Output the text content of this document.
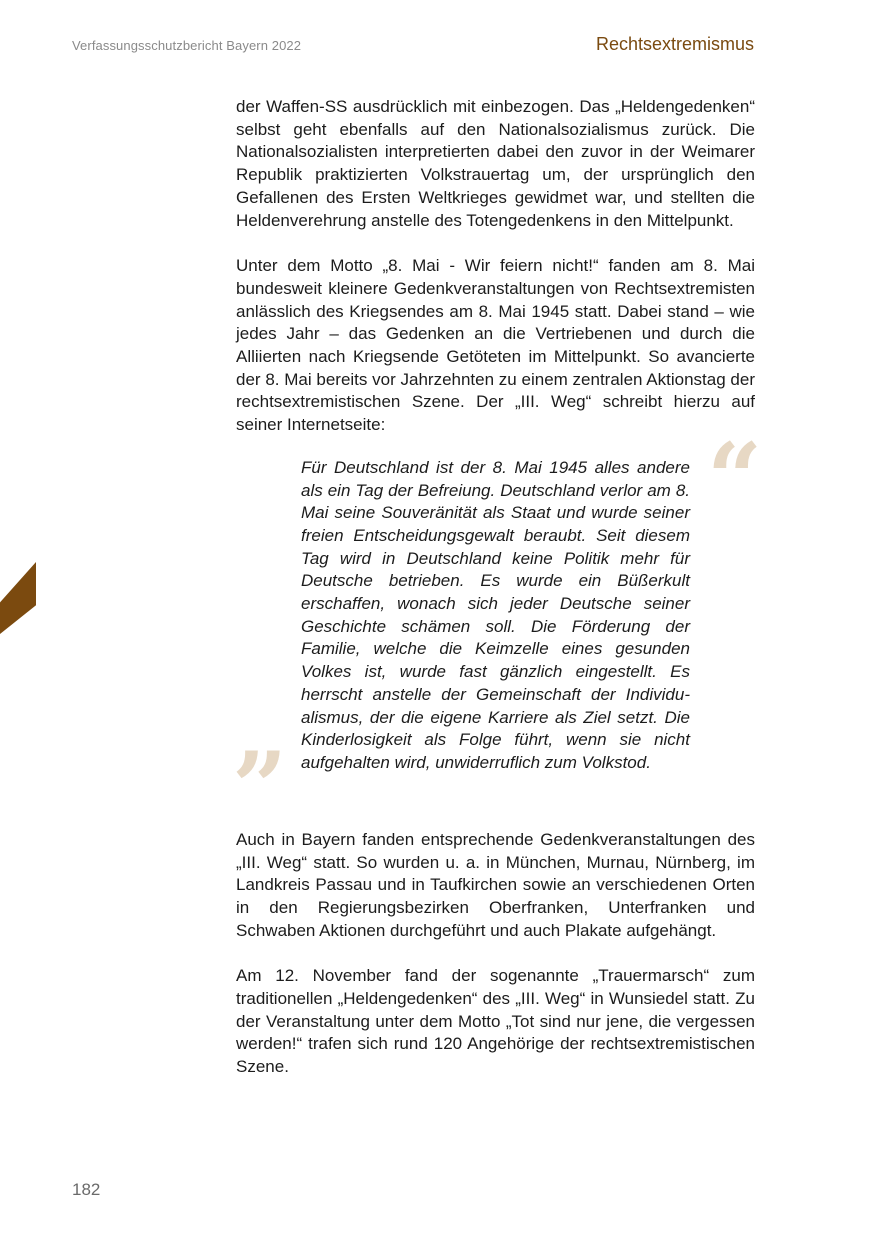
Verfassungsschutzbericht Bayern 2022	Rechtsextremismus

der Waffen-SS ausdrücklich mit einbezogen. Das „Heldengedenken“ selbst geht ebenfalls auf den Nationalsozialismus zurück. Die Nationalsozialisten interpretierten dabei den zuvor in der Weimarer Republik praktizierten Volkstrauertag um, der ursprünglich den Gefallenen des Ersten Weltkrieges gewidmet war, und stellten die Heldenverehrung anstelle des Totengedenkens in den Mittelpunkt.

Unter dem Motto „8. Mai - Wir feiern nicht!“ fanden am 8. Mai bundesweit kleinere Gedenkveranstaltungen von Rechtsextremisten anlässlich des Kriegsendes am 8. Mai 1945 statt. Dabei stand – wie jedes Jahr – das Gedenken an die Vertriebenen und durch die Alliierten nach Kriegsende Getöteten im Mittelpunkt. So avancierte der 8. Mai bereits vor Jahrzehnten zu einem zentralen Aktionstag der rechtsextremistischen Szene. Der „III. Weg“ schreibt hierzu auf seiner Internetseite:	“

Für Deutschland ist der 8. Mai 1945 alles andere als ein Tag der Befreiung. Deutschland verlor am 8. Mai seine Souveränität als Staat und wurde seiner freien Entscheidungsgewalt beraubt. Seit diesem Tag wird in Deutschland keine Politik mehr für Deutsche betrieben. Es wurde ein Büßerkult erschaffen, wonach sich jeder Deutsche seiner Geschichte schämen soll. Die Förderung der Familie, welche die Keimzelle eines gesunden Volkes ist, wurde fast gänzlich eingestellt. Es herrscht anstelle der Gemeinschaft der Individualismus, der die eigene Karriere als Ziel setzt. Die Kinderlosigkeit als Folge führt, wenn sie nicht aufgehalten wird, unwiderruflich zum Volkstod.

”

Auch in Bayern fanden entsprechende Gedenkveranstaltungen des „III. Weg“ statt. So wurden u. a. in München, Murnau, Nürnberg, im Landkreis Passau und in Taufkirchen sowie an verschiedenen Orten in den Regierungsbezirken Oberfranken, Unterfranken und Schwaben Aktionen durchgeführt und auch Plakate aufgehängt.

Am 12. November fand der sogenannte „Trauermarsch“ zum traditionellen „Heldengedenken“ des „III. Weg“ in Wunsiedel statt. Zu der Veranstaltung unter dem Motto „Tot sind nur jene, die vergessen werden!“ trafen sich rund 120 Angehörige der rechtsextremistischen Szene.

182
